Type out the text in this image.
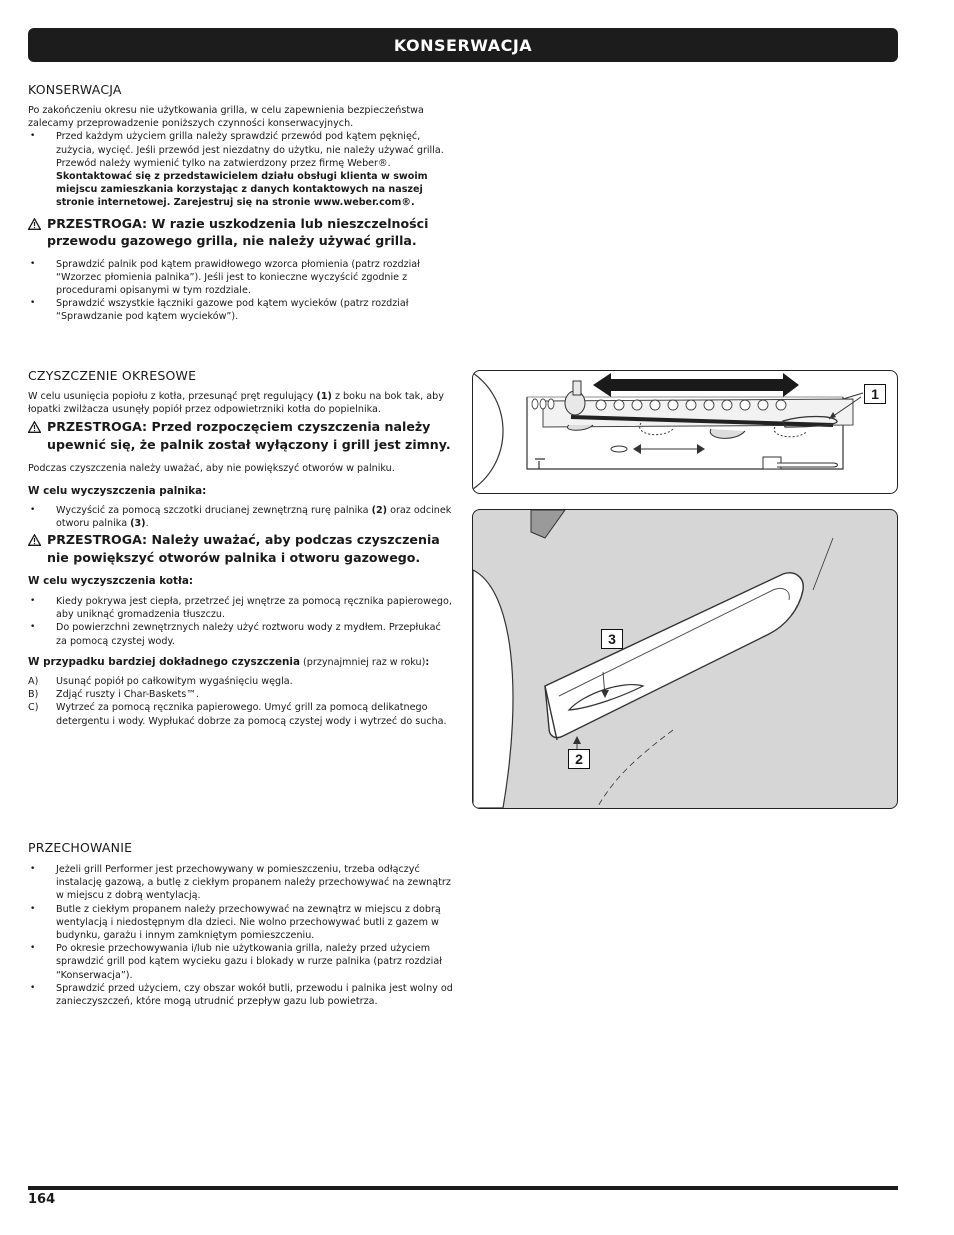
KONSERWACJA
KONSERWACJA

Po zakończeniu okresu nie użytkowania grilla, w celu zapewnienia bezpieczeństwa zalecamy przeprowadzenie poniższych czynności konserwacyjnych.

• Przed każdym użyciem grilla należy sprawdzić przewód pod kątem pęknięć, zużycia, wycięć. Jeśli przewód jest niezdatny do użytku, nie należy używać grilla. Przewód należy wymienić tylko na zatwierdzony przez firmę Weber®. Skontaktować się z przedstawicielem działu obsługi klienta w swoim miejscu zamieszkania korzystając z danych kontaktowych na naszej stronie internetowej. Zarejestruj się na stronie www.weber.com®.
PRZESTROGA: W razie uszkodzenia lub nieszczelności przewodu gazowego grilla, nie należy używać grilla.
• Sprawdzić palnik pod kątem prawidłowego wzorca płomienia (patrz rozdział “Wzorzec płomienia palnika”). Jeśli jest to konieczne wyczyścić zgodnie z procedurami opisanymi w tym rozdziale.
• Sprawdzić wszystkie łączniki gazowe pod kątem wycieków (patrz rozdział “Sprawdzanie pod kątem wycieków”).
CZYSZCZENIE OKRESOWE

W celu usunięcia popiołu z kotła, przesunąć pręt regulujący (1) z boku na bok tak, aby łopatki zwilżacza usunęły popiół przez odpowietrzniki kotła do popielnika.

PRZESTROGA: Przed rozpoczęciem czyszczenia należy upewnić się, że palnik został wyłączony i grill jest zimny.

Podczas czyszczenia należy uważać, aby nie powiększyć otworów w palniku.

W celu wyczyszczenia palnika:

• Wyczyścić za pomocą szczotki drucianej zewnętrzną rurę palnika (2) oraz odcinek otworu palnika (3).
PRZESTROGA: Należy uważać, aby podczas czyszczenia nie powiększyć otworów palnika i otworu gazowego.

W celu wyczyszczenia kotła:

• Kiedy pokrywa jest ciepła, przetrzeć jej wnętrze za pomocą ręcznika papierowego, aby uniknąć gromadzenia tłuszczu.
• Do powierzchni zewnętrznych należy użyć roztworu wody z mydłem. Przepłukać za pomocą czystej wody.

W przypadku bardziej dokładnego czyszczenia (przynajmniej raz w roku):

A) Usunąć popiół po całkowitym wygaśnięciu węgla.
B) Zdjąć ruszty i Char-Baskets™.
C) Wytrzeć za pomocą ręcznika papierowego. Umyć grill za pomocą delikatnego detergentu i wody. Wypłukać dobrze za pomocą czystej wody i wytrzeć do sucha.
PRZECHOWANIE
• Jeżeli grill Performer jest przechowywany w pomieszczeniu, trzeba odłączyć instalację gazową, a butlę z ciekłym propanem należy przechowywać na zewnątrz w miejscu z dobrą wentylacją.
• Butle z ciekłym propanem należy przechowywać na zewnątrz w miejscu z dobrą wentylacją i niedostępnym dla dzieci. Nie wolno przechowywać butli z gazem w budynku, garażu i innym zamkniętym pomieszczeniu.
• Po okresie przechowywania i/lub nie użytkowania grilla, należy przed użyciem sprawdzić grill pod kątem wycieku gazu i blokady w rurze palnika (patrz rozdział “Konserwacja”).
• Sprawdzić przed użyciem, czy obszar wokół butli, przewodu i palnika jest wolny od zanieczyszczeń, które mogą utrudnić przepływ gazu lub powietrza.
1
3
2
164
